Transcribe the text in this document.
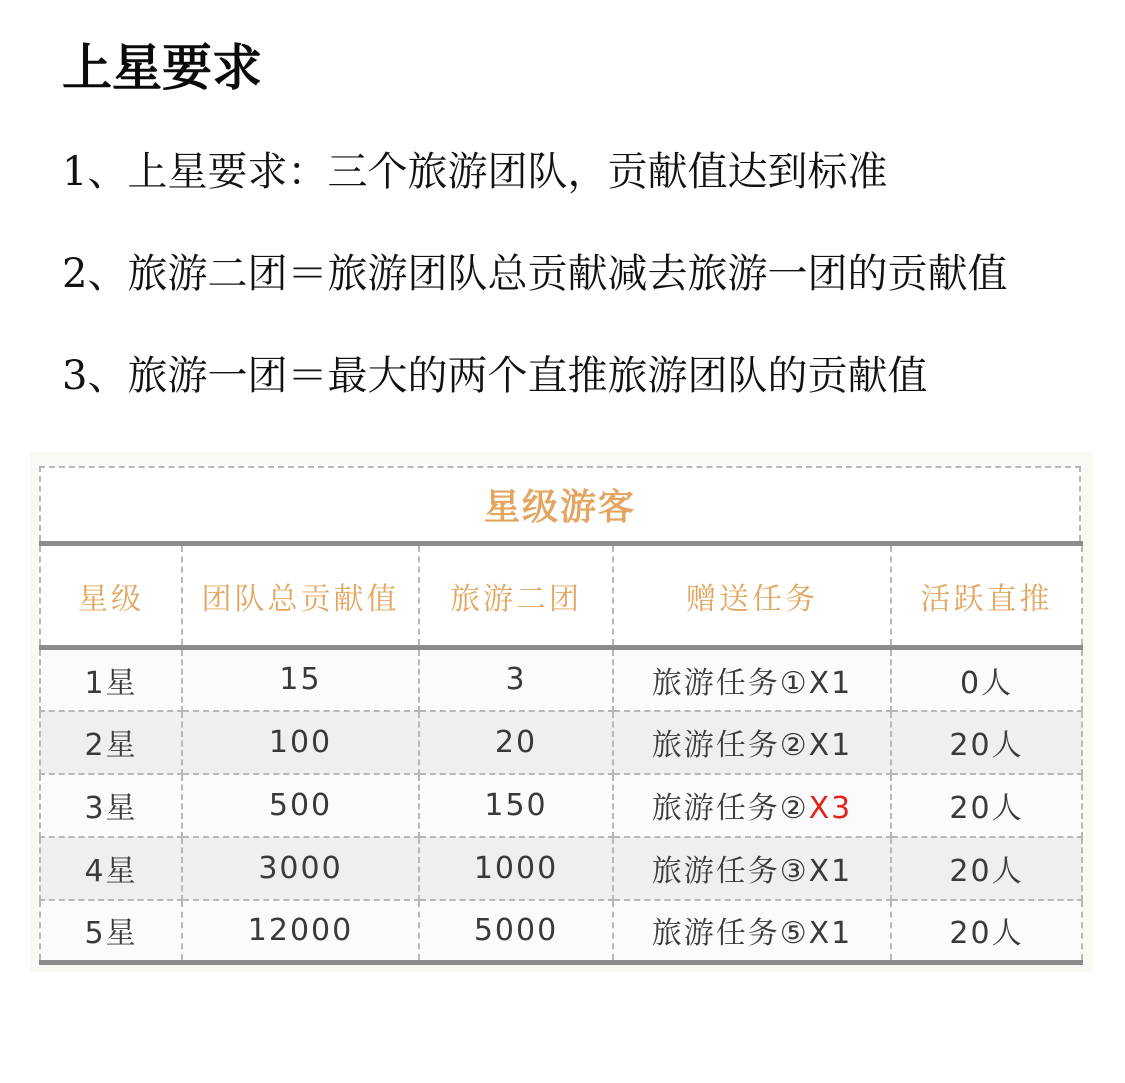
上星要求
1、上星要求：三个旅游团队，贡献值达到标准
2、旅游二团＝旅游团队总贡献减去旅游一团的贡献值
3、旅游一团＝最大的两个直推旅游团队的贡献值
星级游客
星级	团队总贡献值	旅游二团	赠送任务	活跃直推
1星	15	3	旅游任务①X1	0人
2星	100	20	旅游任务②X1	20人
3星	500	150	旅游任务②X3	20人
4星	3000	1000	旅游任务③X1	20人
5星	12000	5000	旅游任务⑤X1	20人
